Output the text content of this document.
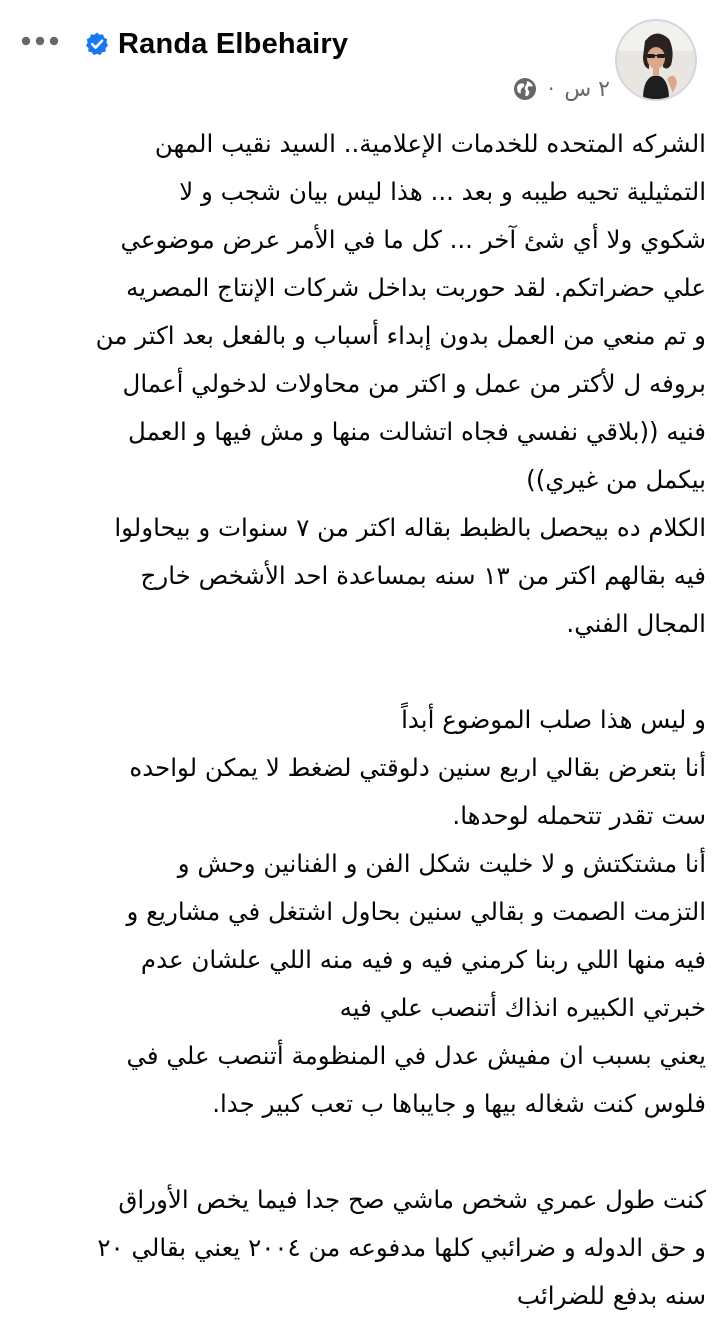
Randa Elbehairy
٢ س
·

الشركه المتحده للخدمات الإعلامية.. السيد نقيب المهن
التمثيلية تحيه طيبه و بعد ... هذا ليس بيان شجب و لا
شكوي ولا أي شئ آخر ... كل ما في الأمر عرض موضوعي
علي حضراتكم. لقد حوربت بداخل شركات الإنتاج المصريه
و تم منعي من العمل بدون إبداء أسباب و بالفعل بعد اكتر من
بروفه ل لأكتر من عمل و اكتر من محاولات لدخولي أعمال
فنيه ((بلاقي نفسي فجاه اتشالت منها و مش فيها و العمل
بيكمل من غيري))
الكلام ده بيحصل بالظبط بقاله اكتر من ٧ سنوات و بيحاولوا
فيه بقالهم اكتر من ١٣ سنه بمساعدة احد الأشخص خارج
المجال الفني.

و ليس هذا صلب الموضوع أبداً
أنا بتعرض بقالي اربع سنين دلوقتي لضغط لا يمكن لواحده
ست تقدر تتحمله لوحدها.
أنا مشتكتش و لا خليت شكل الفن و الفنانين وحش و
التزمت الصمت و بقالي سنين بحاول اشتغل في مشاريع و
فيه منها اللي ربنا كرمني فيه و فيه منه اللي علشان عدم
خبرتي الكبيره انذاك أتنصب علي فيه
يعني بسبب ان مفيش عدل في المنظومة أتنصب علي في
فلوس كنت شغاله بيها و جايباها ب تعب كبير جدا.

كنت طول عمري شخص ماشي صح جدا فيما يخص الأوراق
و حق الدوله و ضرائبي كلها مدفوعه من ٢٠٠٤ يعني بقالي ٢٠
سنه بدفع للضرائب
